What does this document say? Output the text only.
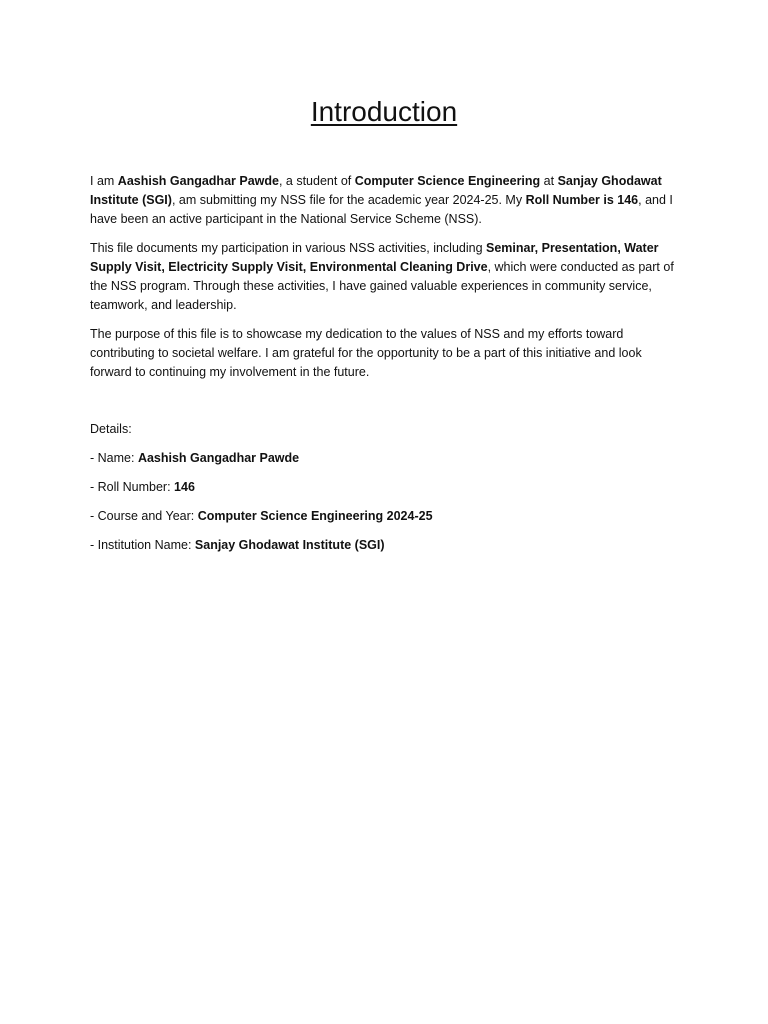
Introduction

I am Aashish Gangadhar Pawde, a student of Computer Science Engineering at Sanjay Ghodawat Institute (SGI), am submitting my NSS file for the academic year 2024-25. My Roll Number is 146, and I have been an active participant in the National Service Scheme (NSS).

This file documents my participation in various NSS activities, including Seminar, Presentation, Water Supply Visit, Electricity Supply Visit, Environmental Cleaning Drive, which were conducted as part of the NSS program. Through these activities, I have gained valuable experiences in community service, teamwork, and leadership.

The purpose of this file is to showcase my dedication to the values of NSS and my efforts toward contributing to societal welfare. I am grateful for the opportunity to be a part of this initiative and look forward to continuing my involvement in the future.

Details:

- Name: Aashish Gangadhar Pawde

- Roll Number: 146

- Course and Year: Computer Science Engineering 2024-25

- Institution Name: Sanjay Ghodawat Institute (SGI)
